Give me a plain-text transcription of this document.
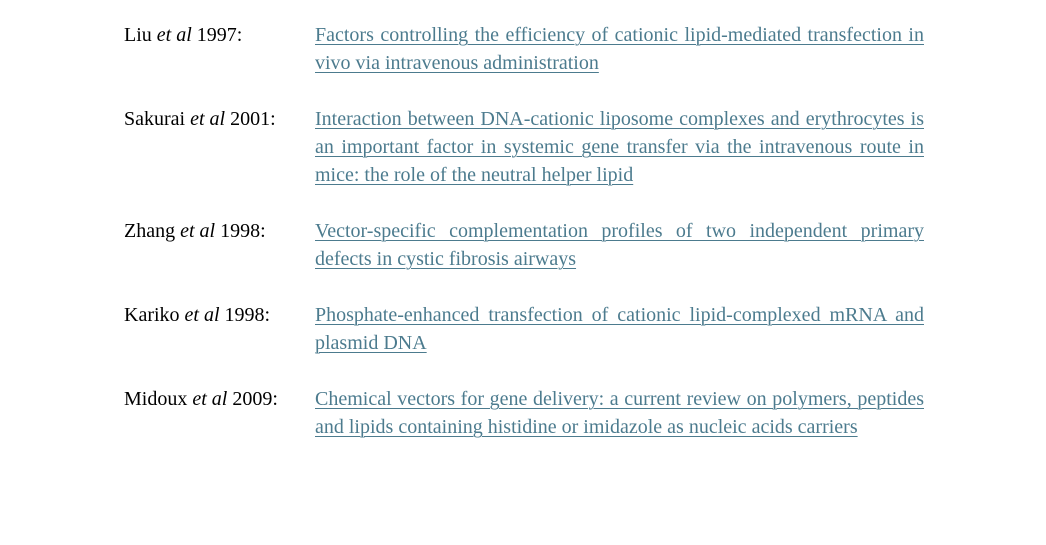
Liu et al 1997:	Factors controlling the efficiency of cationic lipid-mediated transfection in vivo via intravenous administration
Sakurai et al 2001:	Interaction between DNA-cationic liposome complexes and erythrocytes is an important factor in systemic gene transfer via the intravenous route in mice: the role of the neutral helper lipid
Zhang et al 1998:	Vector-specific complementation profiles of two independent primary defects in cystic fibrosis airways
Kariko et al 1998:	Phosphate-enhanced transfection of cationic lipid-complexed mRNA and plasmid DNA
Midoux et al 2009:	Chemical vectors for gene delivery: a current review on polymers, peptides and lipids containing histidine or imidazole as nucleic acids carriers
